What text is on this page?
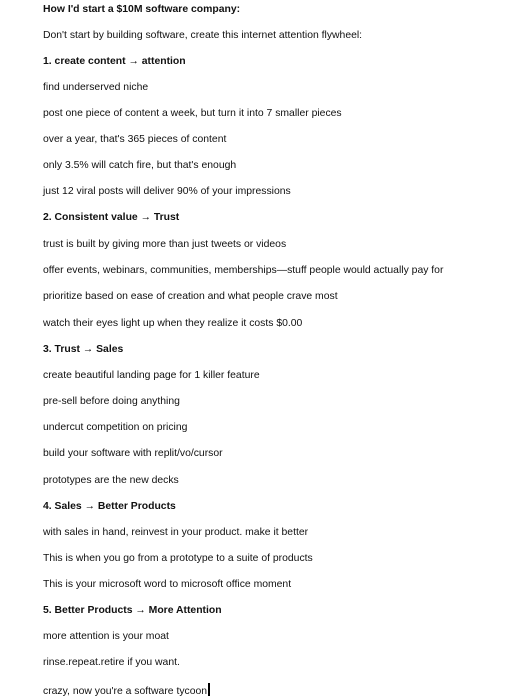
How I'd start a $10M software company:
Don't start by building software, create this internet attention flywheel:
1. create content → attention
find underserved niche
post one piece of content a week, but turn it into 7 smaller pieces
over a year, that's 365 pieces of content
only 3.5% will catch fire, but that's enough
just 12 viral posts will deliver 90% of your impressions
2. Consistent value → Trust
trust is built by giving more than just tweets or videos
offer events, webinars, communities, memberships—stuff people would actually pay for
prioritize based on ease of creation and what people crave most
watch their eyes light up when they realize it costs $0.00
3. Trust → Sales
create beautiful landing page for 1 killer feature
pre-sell before doing anything
undercut competition on pricing
build your software with replit/vo/cursor
prototypes are the new decks
4. Sales → Better Products
with sales in hand, reinvest in your product. make it better
This is when you go from a prototype to a suite of products
This is your microsoft word to microsoft office moment
5. Better Products → More Attention
more attention is your moat
rinse.repeat.retire if you want.
crazy, now you're a software tycoon
